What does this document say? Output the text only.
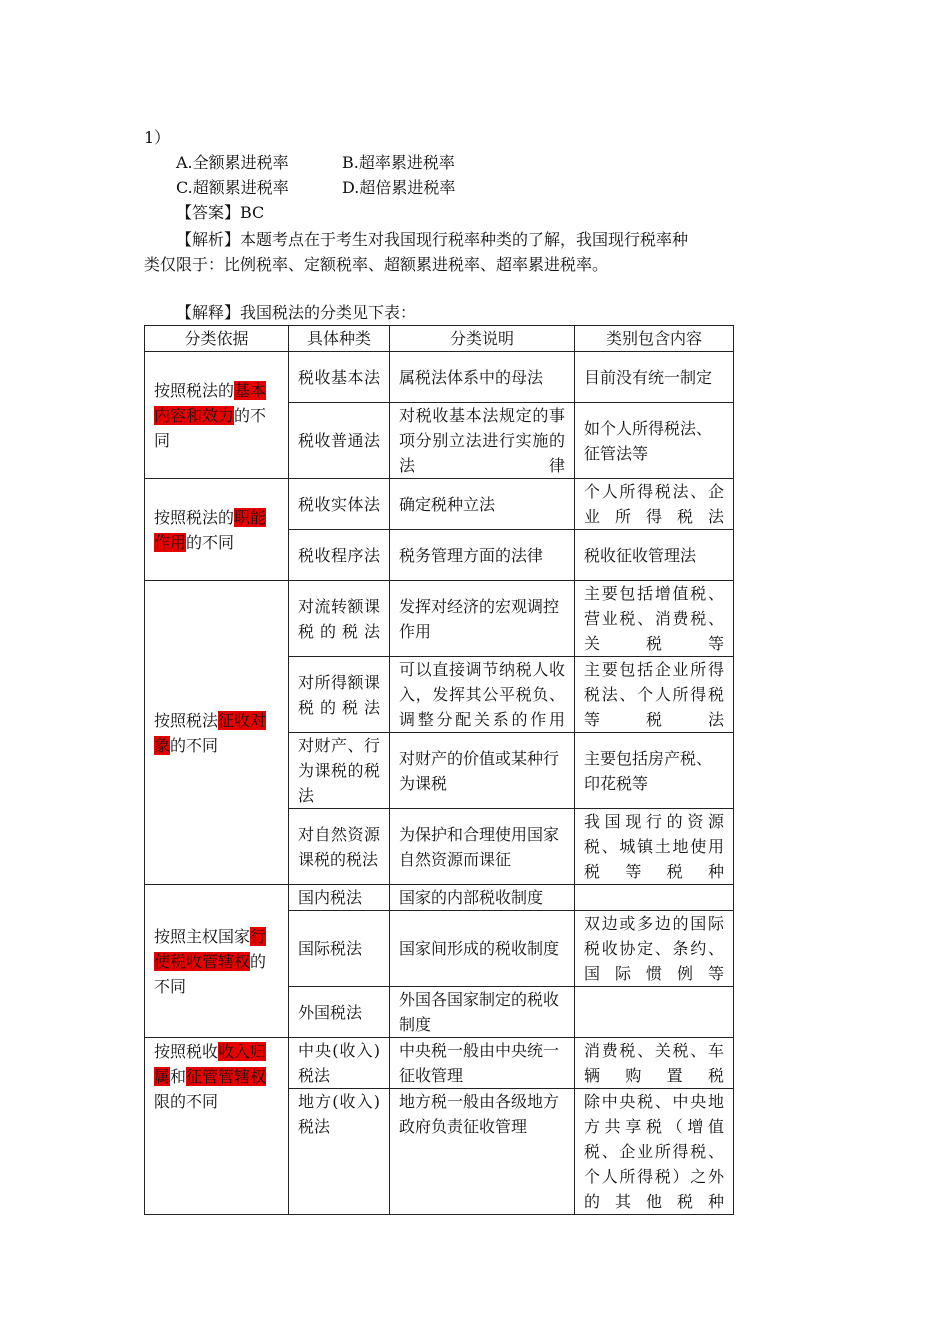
1）
A.全额累进税率	B.超率累进税率
C.超额累进税率	D.超倍累进税率
【答案】BC
【解析】本题考点在于考生对我国现行税率种类的了解，我国现行税率种
类仅限于：比例税率、定额税率、超额累进税率、超率累进税率。
【解释】我国税法的分类见下表：
分类依据	具体种类	分类说明	类别包含内容
按照税法的基本内容和效力的不同	税收基本法	属税法体系中的母法	目前没有统一制定
	税收普通法	对税收基本法规定的事项分别立法进行实施的法律	如个人所得税法、征管法等
按照税法的职能作用的不同	税收实体法	确定税种立法	个人所得税法、企业所得税法
	税收程序法	税务管理方面的法律	税收征收管理法
按照税法征收对象的不同	对流转额课税的税法	发挥对经济的宏观调控作用	主要包括增值税、营业税、消费税、关税等
	对所得额课税的税法	可以直接调节纳税人收入，发挥其公平税负、调整分配关系的作用	主要包括企业所得税法、个人所得税等税法
	对财产、行为课税的税法	对财产的价值或某种行为课税	主要包括房产税、印花税等
	对自然资源课税的税法	为保护和合理使用国家自然资源而课征	我国现行的资源税、城镇土地使用税等税种
按照主权国家行使税收管辖权的不同	国内税法	国家的内部税收制度	
	国际税法	国家间形成的税收制度	双边或多边的国际税收协定、条约、国际惯例等
	外国税法	外国各国家制定的税收制度	
按照税收收入归属和征管管辖权限的不同	中央(收入)税法	中央税一般由中央统一征收管理	消费税、关税、车辆购置税
	地方(收入)税法	地方税一般由各级地方政府负责征收管理	除中央税、中央地方共享税（增值税、企业所得税、个人所得税）之外的其他税种
